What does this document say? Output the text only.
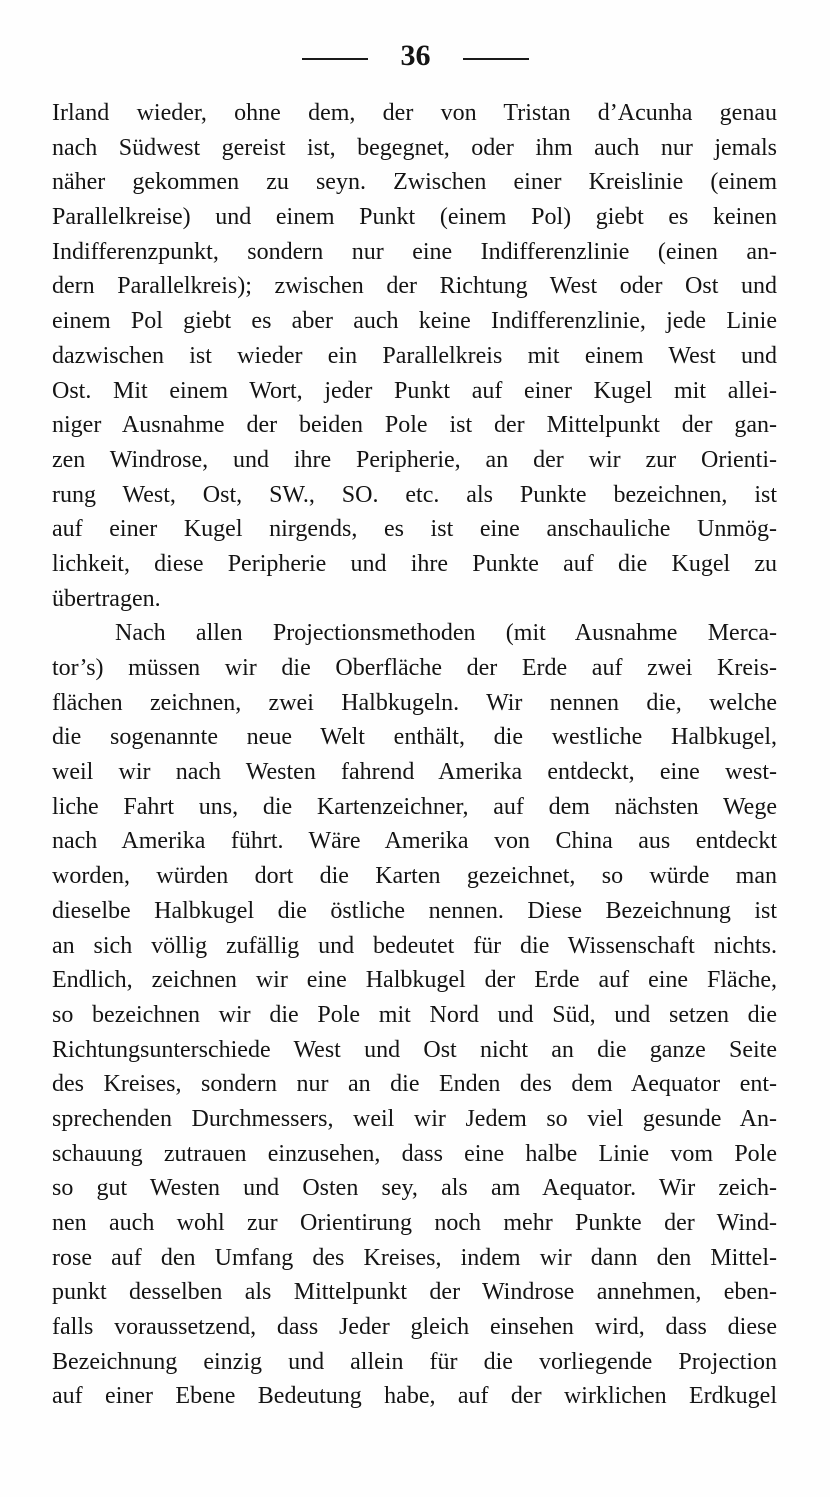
36
Irland wieder, ohne dem, der von Tristan d’Acunha genau
nach Südwest gereist ist, begegnet, oder ihm auch nur jemals
näher gekommen zu seyn. Zwischen einer Kreislinie (einem
Parallelkreise) und einem Punkt (einem Pol) giebt es keinen
Indifferenzpunkt, sondern nur eine Indifferenzlinie (einen an-
dern Parallelkreis); zwischen der Richtung West oder Ost und
einem Pol giebt es aber auch keine Indifferenzlinie, jede Linie
dazwischen ist wieder ein Parallelkreis mit einem West und
Ost. Mit einem Wort, jeder Punkt auf einer Kugel mit allei-
niger Ausnahme der beiden Pole ist der Mittelpunkt der gan-
zen Windrose, und ihre Peripherie, an der wir zur Orienti-
rung West, Ost, SW., SO. etc. als Punkte bezeichnen, ist
auf einer Kugel nirgends, es ist eine anschauliche Unmög-
lichkeit, diese Peripherie und ihre Punkte auf die Kugel zu
übertragen.
Nach allen Projectionsmethoden (mit Ausnahme Merca-
tor’s) müssen wir die Oberfläche der Erde auf zwei Kreis-
flächen zeichnen, zwei Halbkugeln. Wir nennen die, welche
die sogenannte neue Welt enthält, die westliche Halbkugel,
weil wir nach Westen fahrend Amerika entdeckt, eine west-
liche Fahrt uns, die Kartenzeichner, auf dem nächsten Wege
nach Amerika führt. Wäre Amerika von China aus entdeckt
worden, würden dort die Karten gezeichnet, so würde man
dieselbe Halbkugel die östliche nennen. Diese Bezeichnung ist
an sich völlig zufällig und bedeutet für die Wissenschaft nichts.
Endlich, zeichnen wir eine Halbkugel der Erde auf eine Fläche,
so bezeichnen wir die Pole mit Nord und Süd, und setzen die
Richtungsunterschiede West und Ost nicht an die ganze Seite
des Kreises, sondern nur an die Enden des dem Aequator ent-
sprechenden Durchmessers, weil wir Jedem so viel gesunde An-
schauung zutrauen einzusehen, dass eine halbe Linie vom Pole
so gut Westen und Osten sey, als am Aequator. Wir zeich-
nen auch wohl zur Orientirung noch mehr Punkte der Wind-
rose auf den Umfang des Kreises, indem wir dann den Mittel-
punkt desselben als Mittelpunkt der Windrose annehmen, eben-
falls voraussetzend, dass Jeder gleich einsehen wird, dass diese
Bezeichnung einzig und allein für die vorliegende Projection
auf einer Ebene Bedeutung habe, auf der wirklichen Erdkugel
